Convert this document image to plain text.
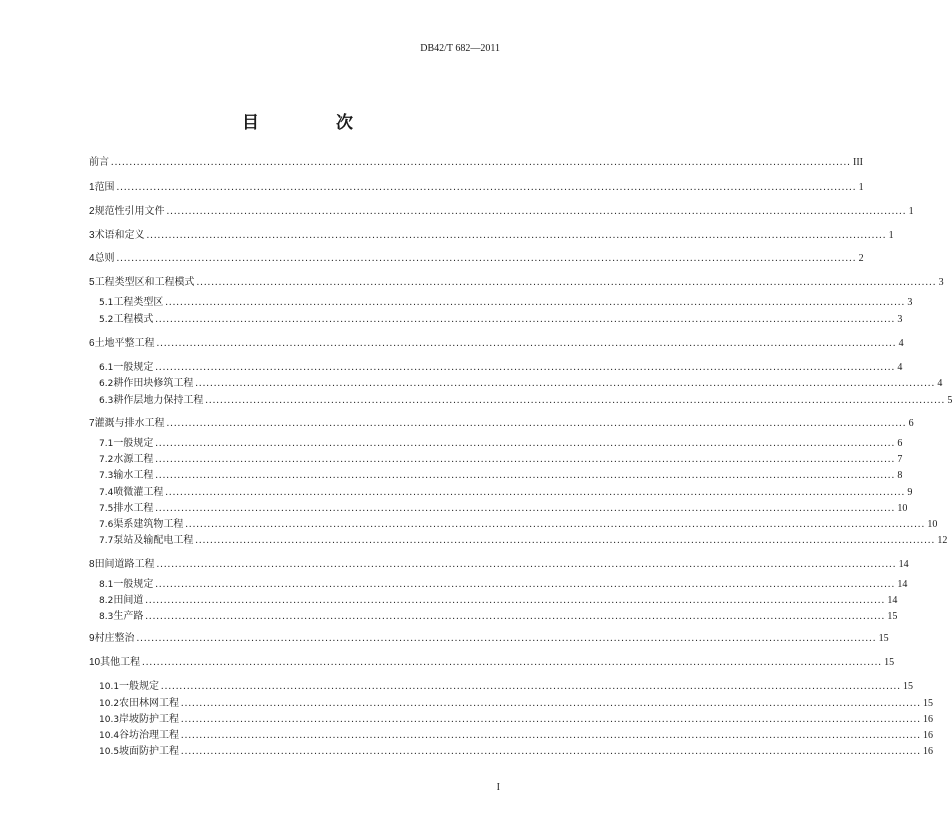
DB42/T 682—2011
目　次
前言 ........................................................................................................................................................................................................ III
1 范围 ........................................................................................................................................................................................................ 1
2 规范性引用文件 ........................................................................................................................................................................................................ 1
3 术语和定义 ........................................................................................................................................................................................................ 1
4 总则 ........................................................................................................................................................................................................ 2
5 工程类型区和工程模式 ........................................................................................................................................................................................................ 3
5.1 工程类型区 ........................................................................................................................................................................................................ 3
5.2 工程模式 ........................................................................................................................................................................................................ 3
6 土地平整工程 ........................................................................................................................................................................................................ 4
6.1 一般规定 ........................................................................................................................................................................................................ 4
6.2 耕作田块修筑工程 ........................................................................................................................................................................................................ 4
6.3 耕作层地力保持工程 ........................................................................................................................................................................................................ 5
7 灌溉与排水工程 ........................................................................................................................................................................................................ 6
7.1 一般规定 ........................................................................................................................................................................................................ 6
7.2 水源工程 ........................................................................................................................................................................................................ 7
7.3 输水工程 ........................................................................................................................................................................................................ 8
7.4 喷微灌工程 ........................................................................................................................................................................................................ 9
7.5 排水工程 ........................................................................................................................................................................................................ 10
7.6 渠系建筑物工程 ........................................................................................................................................................................................................ 10
7.7 泵站及输配电工程 ........................................................................................................................................................................................................ 12
8 田间道路工程 ........................................................................................................................................................................................................ 14
8.1 一般规定 ........................................................................................................................................................................................................ 14
8.2 田间道 ........................................................................................................................................................................................................ 14
8.3 生产路 ........................................................................................................................................................................................................ 15
9 村庄整治 ........................................................................................................................................................................................................ 15
10 其他工程 ........................................................................................................................................................................................................ 15
10.1 一般规定 ........................................................................................................................................................................................................ 15
10.2 农田林网工程 ........................................................................................................................................................................................................ 15
10.3 岸坡防护工程 ........................................................................................................................................................................................................ 16
10.4 谷坊治理工程 ........................................................................................................................................................................................................ 16
10.5 坡面防护工程 ........................................................................................................................................................................................................ 16
I
